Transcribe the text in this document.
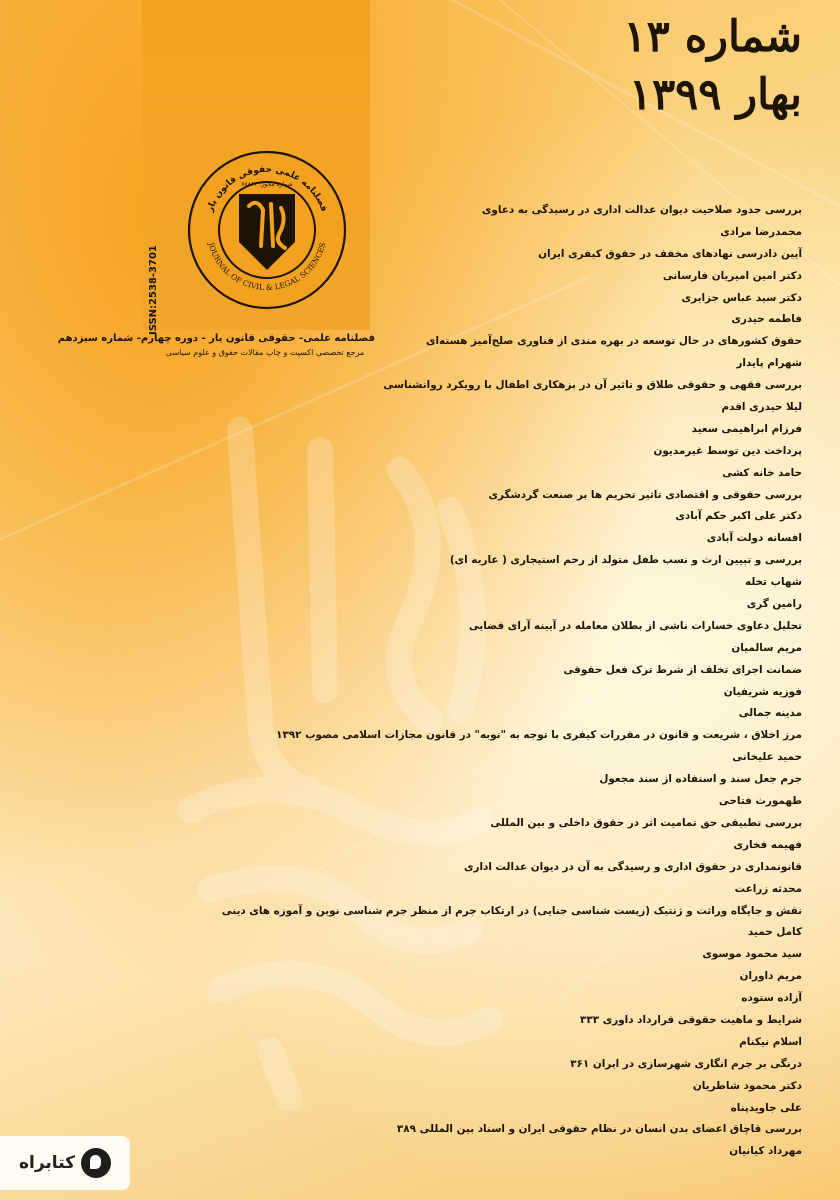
شماره ۱۳
بهار ۱۳۹۹
فصلنامه علمی حقوقی قانون یار
JOURNAL OF CIVIL & LEGAL SCIENCES
شماره مجوز: ۷۸۸۶۴
ISSN:2538-3701
فصلنامه علمی- حقوقی قانون یار - دوره چهارم- شماره سیزدهم
مرجع تخصصی اکسپت و چاپ مقالات حقوق و علوم سیاسی
بررسی حدود صلاحیت دیوان عدالت اداری در رسیدگی به دعاوی
محمدرضا مرادی
آیین دادرسی نهادهای مخفف در حقوق کیفری ایران
دکتر امین امیریان فارسانی
دکتر سید عباس جزایری
فاطمه حیدری
حقوق کشورهای در حال توسعه در بهره مندی از فناوری صلح‌آمیز هسته‌ای
شهرام پایدار
بررسی فقهی و حقوقی طلاق و تاثیر آن در بزهکاری اطفال با رویکرد روانشناسی
لیلا حیدری اقدم
فرزام ابراهیمی سعید
پرداخت دین توسط غیرمدیون
حامد خانه کشی
بررسی حقوقی و اقتصادی تاثیر تحریم ها بر صنعت گردشگری
دکتر علی اکبر حکم آبادی
افسانه دولت آبادی
بررسی و تبیین ارث و نسب طفل متولد از رحم استیجاری ( عاریه ای)
شهاب تخله
رامین گری
تحلیل دعاوی خسارات ناشی از بطلان معامله در آیینه آرای قضایی
مریم سالمیان
ضمانت اجرای تخلف از شرط ترک فعل حقوقی
فوزیه شریفیان
مدینه جمالی
مرز اخلاق ، شریعت و قانون در مقررات کیفری با توجه به "توبه" در قانون مجازات اسلامی مصوب ۱۳۹۲
حمید علیخانی
جرم جعل سند و استفاده از سند مجعول
طهمورث فتاحی
بررسی تطبیقی حق تمامیت اثر در حقوق داخلی و بین المللی
فهیمه فخاری
قانونمداری در حقوق اداری و رسیدگی به آن در دیوان عدالت اداری
محدثه زراعت
نقش و جایگاه وراثت و ژنتیک (زیست شناسی جنایی) در ارتکاب جرم از منظر جرم شناسی نوین و آموزه های دینی
کامل حمید
سید محمود موسوی
مریم داوران
آزاده ستوده
شرایط و ماهیت حقوقی قرارداد داوری ۳۳۳
اسلام نیکنام
درنگی بر جرم انگاری شهرسازی در ایران ۳۶۱
دکتر محمود شاطریان
علی جاویدپناه
بررسی قاچاق اعضای بدن انسان در نظام حقوقی ایران و اسناد بین المللی ۳۸۹
مهرداد کیانیان
کتابراه
